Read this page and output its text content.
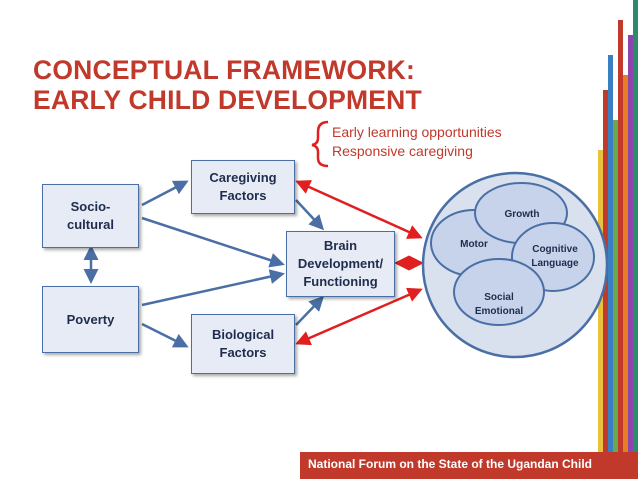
CONCEPTUAL FRAMEWORK:
EARLY CHILD DEVELOPMENT
Growth
Motor	Cognitive
Language
Social
Emotional
Early learning opportunities
Responsive caregiving
Socio-
cultural
Poverty
Caregiving
Factors
Biological
Factors
Brain
Development/
Functioning
National Forum on the State of the Ugandan Child
